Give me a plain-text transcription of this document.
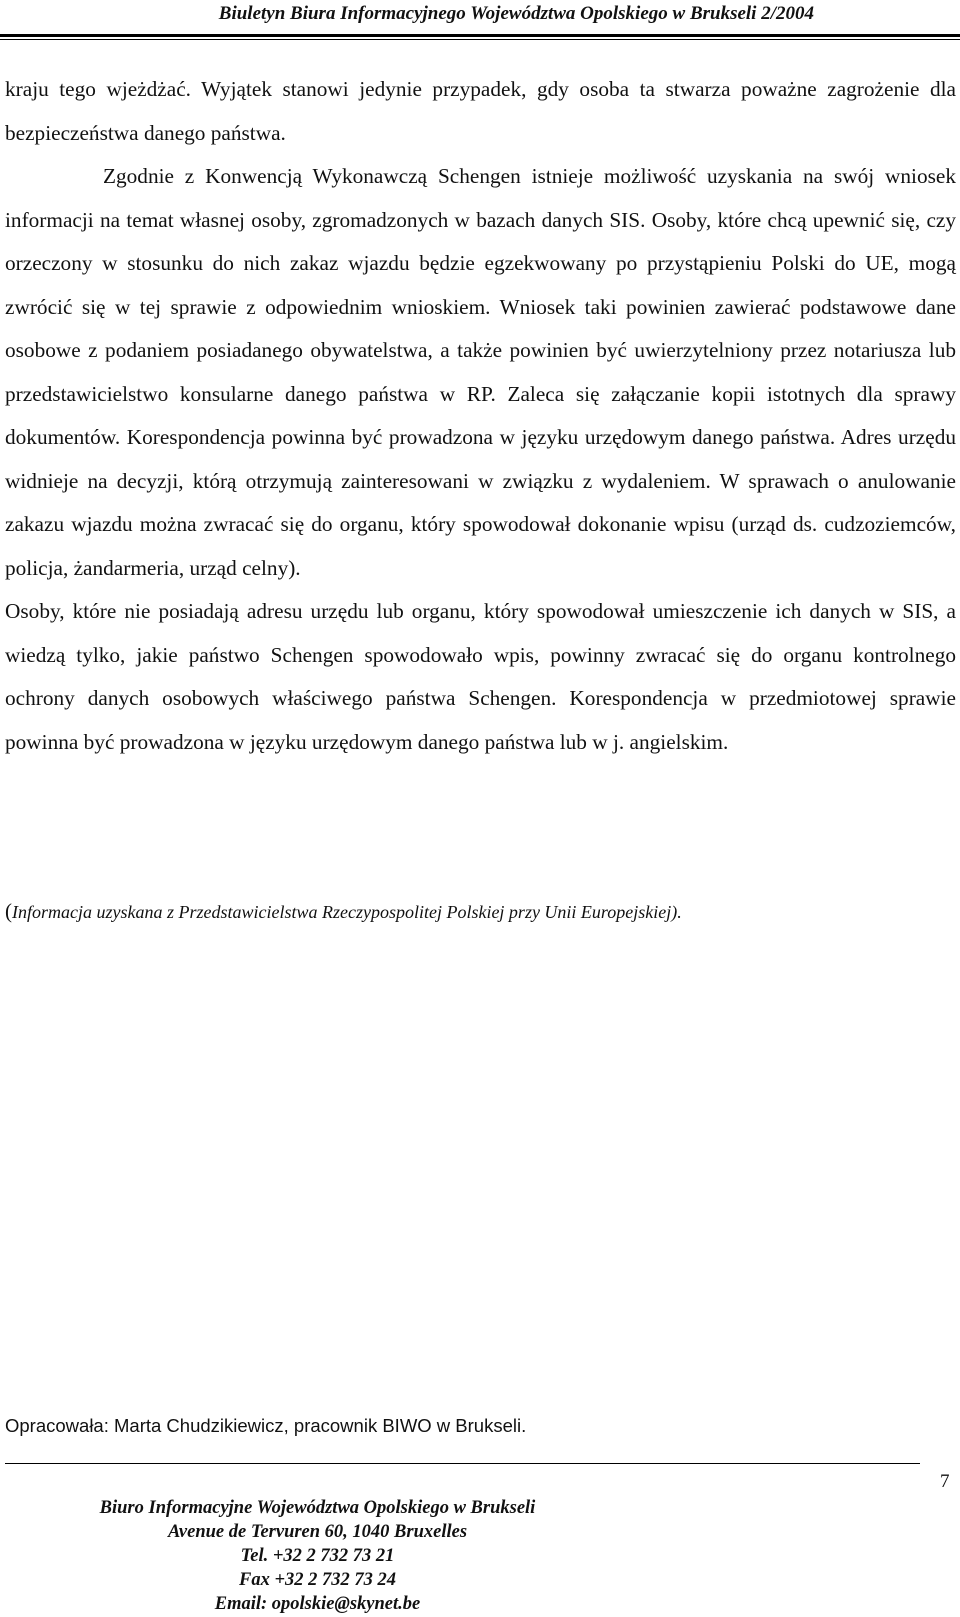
Biuletyn Biura Informacyjnego Województwa Opolskiego w Brukseli 2/2004

kraju tego wjeżdżać. Wyjątek stanowi jedynie przypadek, gdy osoba ta stwarza poważne zagrożenie dla bezpieczeństwa danego państwa.

Zgodnie z Konwencją Wykonawczą Schengen istnieje możliwość uzyskania na swój wniosek informacji na temat własnej osoby, zgromadzonych w bazach danych SIS. Osoby, które chcą upewnić się, czy orzeczony w stosunku do nich zakaz wjazdu będzie egzekwowany po przystąpieniu Polski do UE, mogą zwrócić się w tej sprawie z odpowiednim wnioskiem. Wniosek taki powinien zawierać podstawowe dane osobowe z podaniem posiadanego obywatelstwa, a także powinien być uwierzytelniony przez notariusza lub przedstawicielstwo konsularne danego państwa w RP. Zaleca się załączanie kopii istotnych dla sprawy dokumentów. Korespondencja powinna być prowadzona w języku urzędowym danego państwa. Adres urzędu widnieje na decyzji, którą otrzymują zainteresowani w związku z wydaleniem. W sprawach o anulowanie zakazu wjazdu można zwracać się do organu, który spowodował dokonanie wpisu (urząd ds. cudzoziemców, policja, żandarmeria, urząd celny).

Osoby, które nie posiadają adresu urzędu lub organu, który spowodował umieszczenie ich danych w SIS, a wiedzą tylko, jakie państwo Schengen spowodowało wpis, powinny zwracać się do organu kontrolnego ochrony danych osobowych właściwego państwa Schengen. Korespondencja w przedmiotowej sprawie powinna być prowadzona w języku urzędowym danego państwa lub w j. angielskim.

(Informacja uzyskana z Przedstawicielstwa Rzeczypospolitej Polskiej przy Unii Europejskiej).
Opracowała: Marta Chudzikiewicz, pracownik BIWO w Brukseli.
7
Biuro Informacyjne Województwa Opolskiego w Brukseli
Avenue de Tervuren 60, 1040 Bruxelles
Tel. +32 2 732 73 21
Fax +32 2 732 73 24
Email: opolskie@skynet.be
